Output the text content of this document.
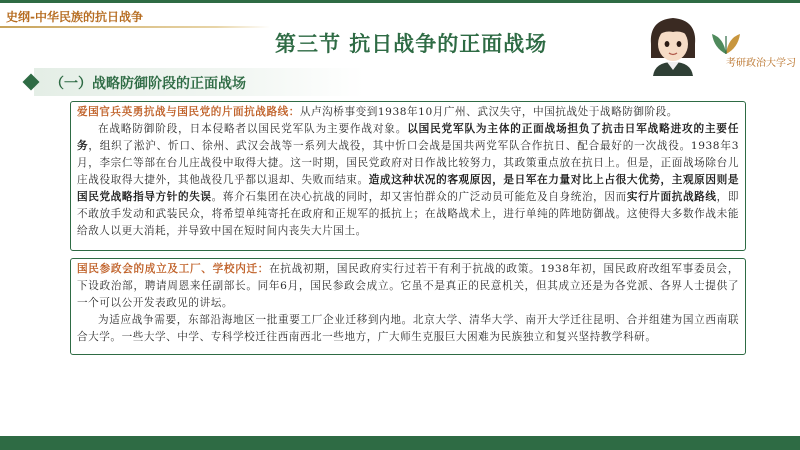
史纲-中华民族的抗日战争
第三节 抗日战争的正面战场
考研政治大学习
（一）战略防御阶段的正面战场

爱国官兵英勇抗战与国民党的片面抗战路线：从卢沟桥事变到1938年10月广州、武汉失守，中国抗战处于战略防御阶段。

在战略防御阶段，日本侵略者以国民党军队为主要作战对象。以国民党军队为主体的正面战场担负了抗击日军战略进攻的主要任务，组织了淞沪、忻口、徐州、武汉会战等一系列大战役，其中忻口会战是国共两党军队合作抗日、配合最好的一次战役。1938年3月，李宗仁等部在台儿庄战役中取得大捷。这一时期，国民党政府对日作战比较努力，其政策重点放在抗日上。但是，正面战场除台儿庄战役取得大捷外，其他战役几乎都以退却、失败而结束。造成这种状况的客观原因，是日军在力量对比上占很大优势，主观原因则是国民党战略指导方针的失误。蒋介石集团在决心抗战的同时，却又害怕群众的广泛动员可能危及自身统治，因而实行片面抗战路线，即不敢放手发动和武装民众，将希望单纯寄托在政府和正规军的抵抗上；在战略战术上，进行单纯的阵地防御战。这使得大多数作战未能给敌人以更大消耗，并导致中国在短时间内丧失大片国土。

国民参政会的成立及工厂、学校内迁：在抗战初期，国民政府实行过若干有利于抗战的政策。1938年初，国民政府改组军事委员会，下设政治部，聘请周恩来任副部长。同年6月，国民参政会成立。它虽不是真正的民意机关，但其成立还是为各党派、各界人士提供了一个可以公开发表政见的讲坛。

为适应战争需要，东部沿海地区一批重要工厂企业迁移到内地。北京大学、清华大学、南开大学迁往昆明、合并组建为国立西南联合大学。一些大学、中学、专科学校迁往西南西北一些地方，广大师生克服巨大困难为民族独立和复兴坚持教学科研。
